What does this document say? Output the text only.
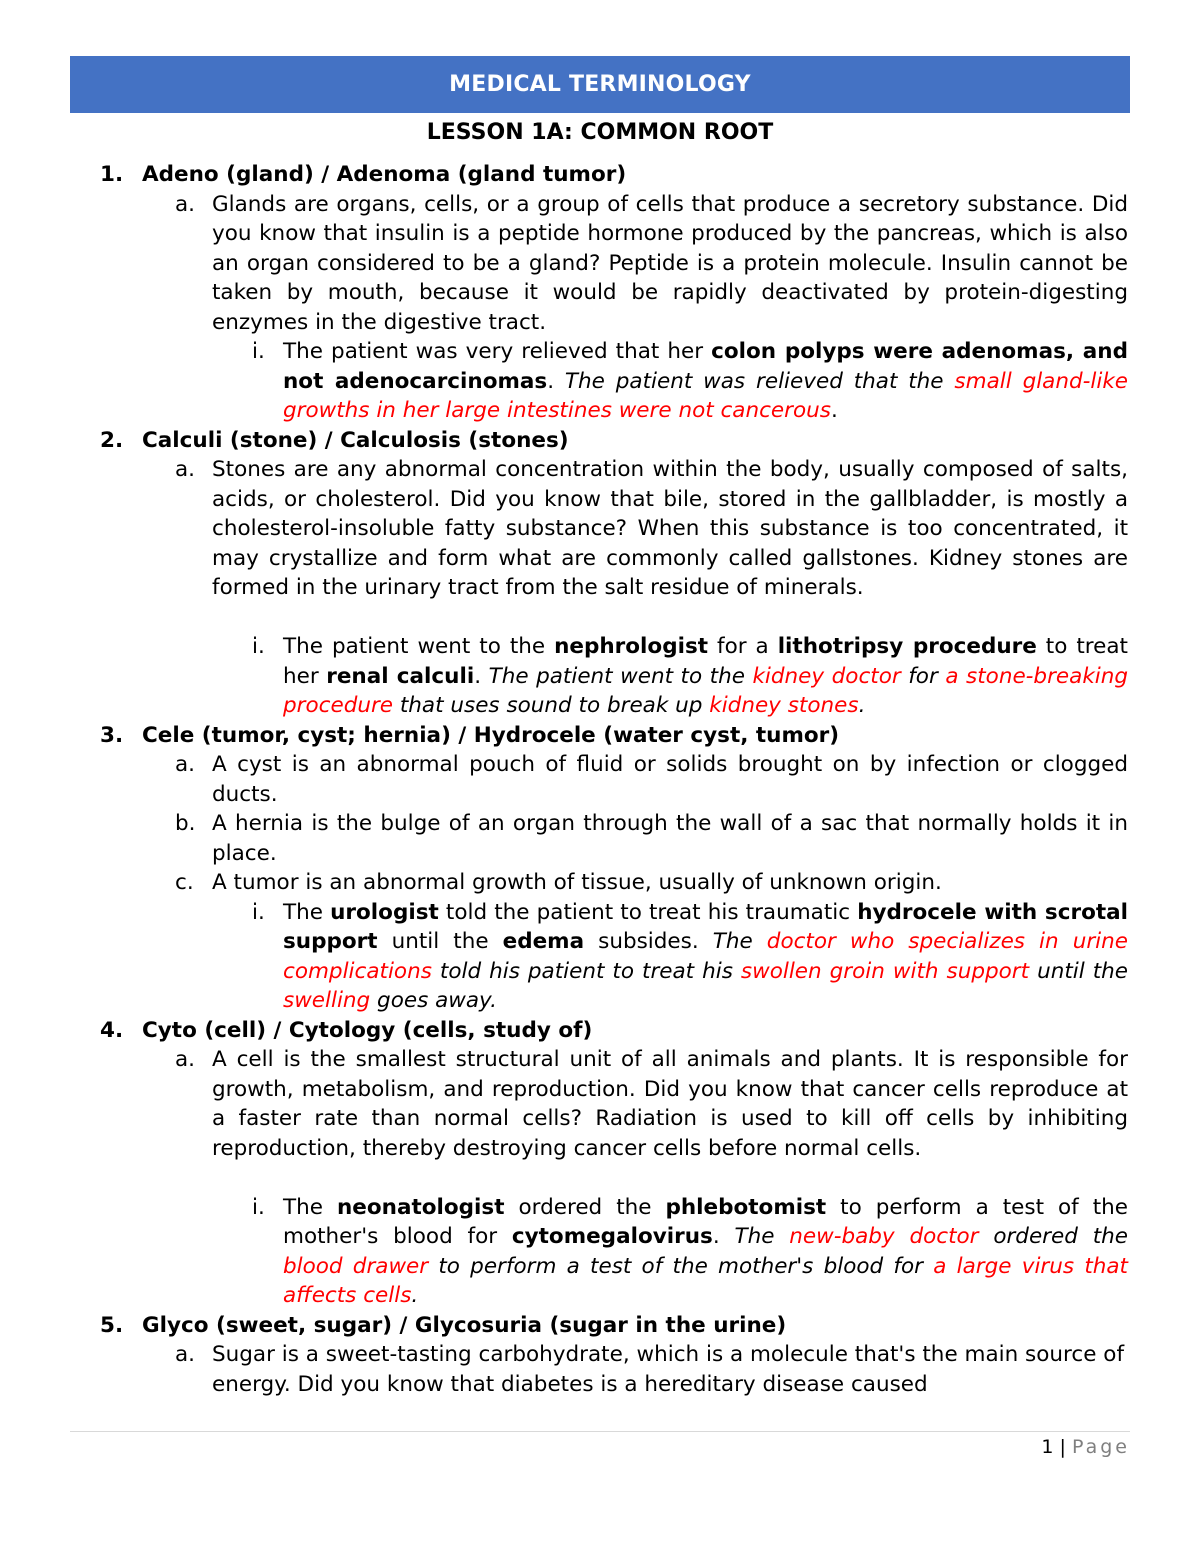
MEDICAL TERMINOLOGY
LESSON 1A: COMMON ROOT
1. Adeno (gland) / Adenoma (gland tumor)
a. Glands are organs, cells, or a group of cells that produce a secretory substance. Did you know that insulin is a peptide hormone produced by the pancreas, which is also an organ considered to be a gland? Peptide is a protein molecule. Insulin cannot be taken by mouth, because it would be rapidly deactivated by protein-digesting enzymes in the digestive tract.
i. The patient was very relieved that her colon polyps were adenomas, and not adenocarcinomas. The patient was relieved that the small gland-like growths in her large intestines were not cancerous.
2. Calculi (stone) / Calculosis (stones)
a. Stones are any abnormal concentration within the body, usually composed of salts, acids, or cholesterol. Did you know that bile, stored in the gallbladder, is mostly a cholesterol-insoluble fatty substance? When this substance is too concentrated, it may crystallize and form what are commonly called gallstones. Kidney stones are formed in the urinary tract from the salt residue of minerals.
i. The patient went to the nephrologist for a lithotripsy procedure to treat her renal calculi. The patient went to the kidney doctor for a stone-breaking procedure that uses sound to break up kidney stones.
3. Cele (tumor, cyst; hernia) / Hydrocele (water cyst, tumor)
a. A cyst is an abnormal pouch of fluid or solids brought on by infection or clogged ducts.
b. A hernia is the bulge of an organ through the wall of a sac that normally holds it in place.
c. A tumor is an abnormal growth of tissue, usually of unknown origin.
i. The urologist told the patient to treat his traumatic hydrocele with scrotal support until the edema subsides. The doctor who specializes in urine complications told his patient to treat his swollen groin with support until the swelling goes away.
4. Cyto (cell) / Cytology (cells, study of)
a. A cell is the smallest structural unit of all animals and plants. It is responsible for growth, metabolism, and reproduction. Did you know that cancer cells reproduce at a faster rate than normal cells? Radiation is used to kill off cells by inhibiting reproduction, thereby destroying cancer cells before normal cells.
i. The neonatologist ordered the phlebotomist to perform a test of the mother's blood for cytomegalovirus. The new-baby doctor ordered the blood drawer to perform a test of the mother's blood for a large virus that affects cells.
5. Glyco (sweet, sugar) / Glycosuria (sugar in the urine)
a. Sugar is a sweet-tasting carbohydrate, which is a molecule that's the main source of energy. Did you know that diabetes is a hereditary disease caused
1 | Page
